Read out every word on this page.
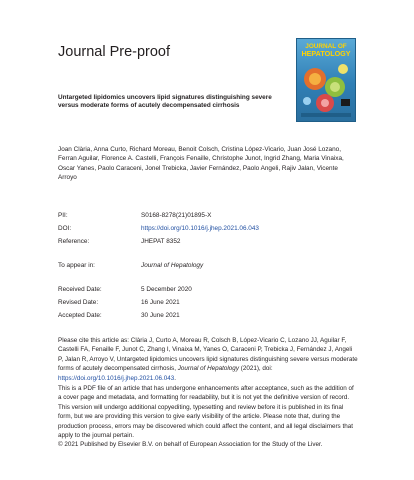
Journal Pre-proof	JOURNAL OF
HEPATOLOGY
Untargeted lipidomics uncovers lipid signatures distinguishing severe versus moderate forms of acutely decompensated cirrhosis
Joan Clària, Anna Curto, Richard Moreau, Benoit Colsch, Cristina López-Vicario, Juan José Lozano, Ferran Aguilar, Florence A. Castelli, François Fenaille, Christophe Junot, Ingrid Zhang, Maria Vinaixa, Oscar Yanes, Paolo Caraceni, Jonel Trebicka, Javier Fernández, Paolo Angeli, Rajiv Jalan, Vicente Arroyo
PII:	S0168-8278(21)01895-X
DOI:	https://doi.org/10.1016/j.jhep.2021.06.043
Reference:	JHEPAT 8352
To appear in:	Journal of Hepatology
Received Date:	5 December 2020
Revised Date:	16 June 2021
Accepted Date:	30 June 2021
Please cite this article as: Clària J, Curto A, Moreau R, Colsch B, López-Vicario C, Lozano JJ, Aguilar F, Castelli FA, Fenaille F, Junot C, Zhang I, Vinaixa M, Yanes O, Caraceni P, Trebicka J, Fernández J, Angeli P, Jalan R, Arroyo V, Untargeted lipidomics uncovers lipid signatures distinguishing severe versus moderate forms of acutely decompensated cirrhosis, Journal of Hepatology (2021), doi: https://doi.org/10.1016/j.jhep.2021.06.043.
This is a PDF file of an article that has undergone enhancements after acceptance, such as the addition of a cover page and metadata, and formatting for readability, but it is not yet the definitive version of record. This version will undergo additional copyediting, typesetting and review before it is published in its final form, but we are providing this version to give early visibility of the article. Please note that, during the production process, errors may be discovered which could affect the content, and all legal disclaimers that apply to the journal pertain.
© 2021 Published by Elsevier B.V. on behalf of European Association for the Study of the Liver.
